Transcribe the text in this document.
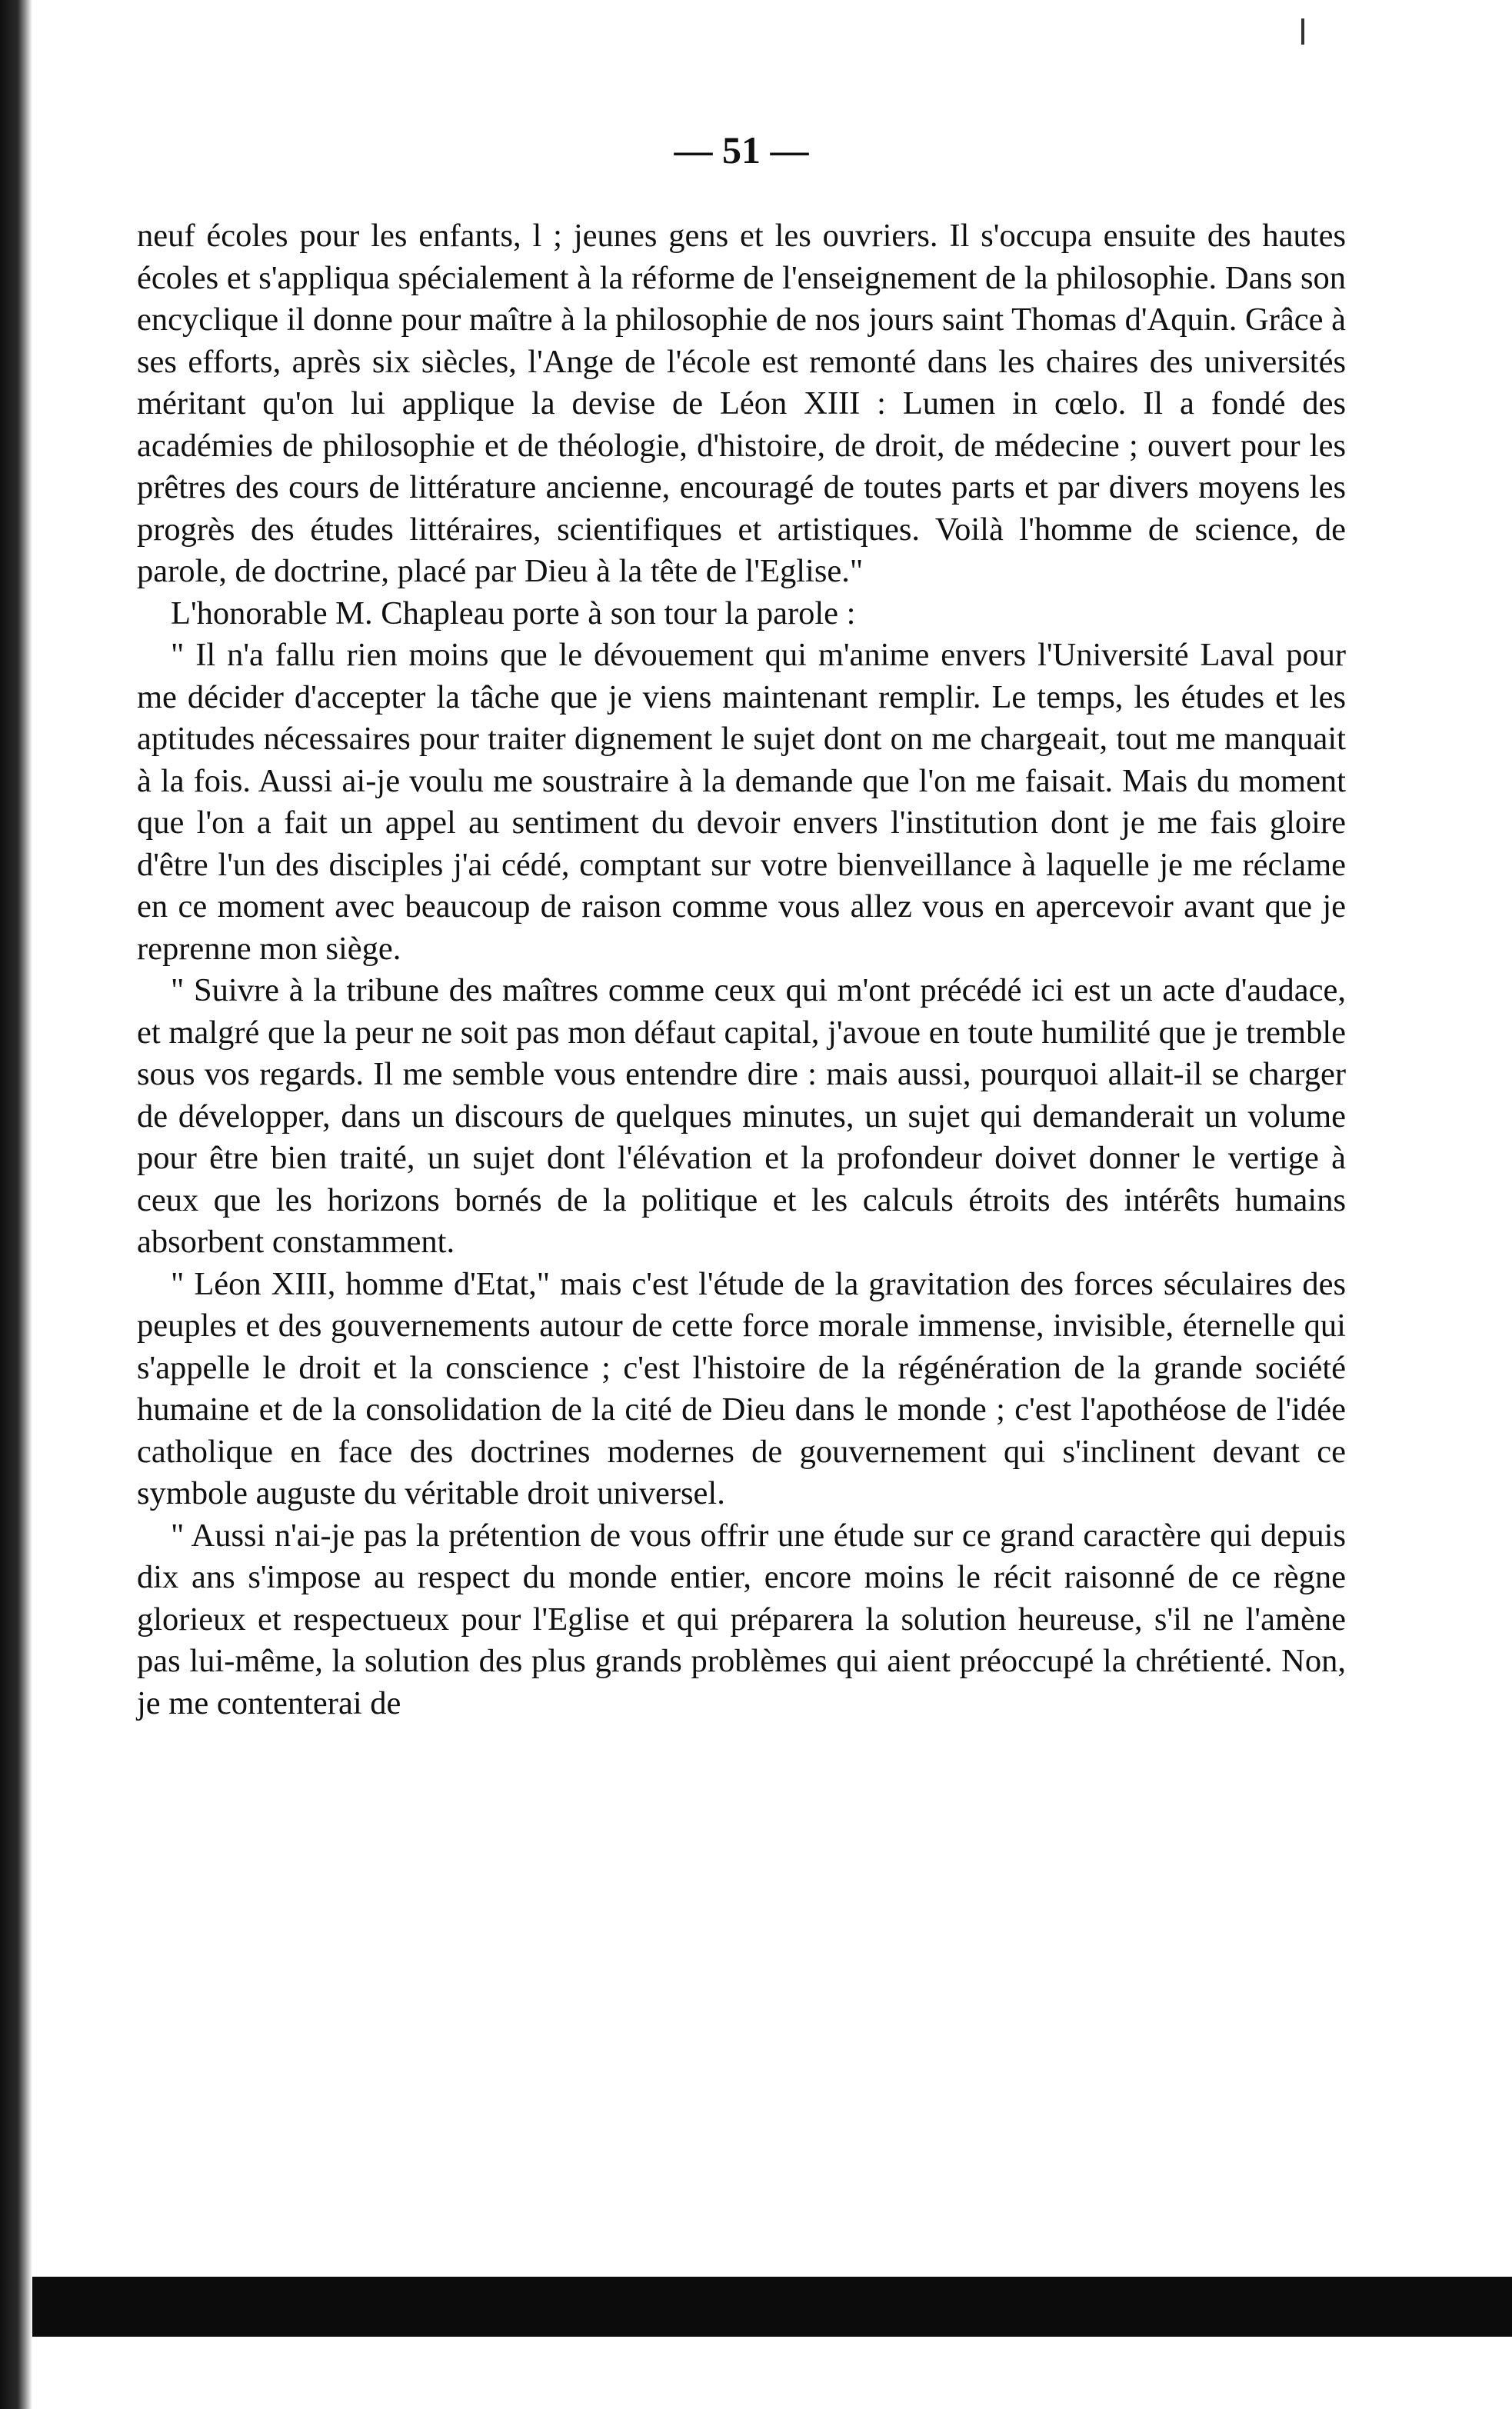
— 51 —

neuf écoles pour les enfants, l ; jeunes gens et les ouvriers. Il s'occupa ensuite des hautes écoles et s'appliqua spécialement à la réforme de l'enseignement de la philosophie. Dans son encyclique il donne pour maître à la philosophie de nos jours saint Thomas d'Aquin. Grâce à ses efforts, après six siècles, l'Ange de l'école est remonté dans les chaires des universités méritant qu'on lui applique la devise de Léon XIII : Lumen in cœlo. Il a fondé des académies de philosophie et de théologie, d'histoire, de droit, de médecine ; ouvert pour les prêtres des cours de littérature ancienne, encouragé de toutes parts et par divers moyens les progrès des études littéraires, scientifiques et artistiques. Voilà l'homme de science, de parole, de doctrine, placé par Dieu à la tête de l'Eglise."

L'honorable M. Chapleau porte à son tour la parole :

" Il n'a fallu rien moins que le dévouement qui m'anime envers l'Université Laval pour me décider d'accepter la tâche que je viens maintenant remplir. Le temps, les études et les aptitudes nécessaires pour traiter dignement le sujet dont on me chargeait, tout me manquait à la fois. Aussi ai-je voulu me soustraire à la demande que l'on me faisait. Mais du moment que l'on a fait un appel au sentiment du devoir envers l'institution dont je me fais gloire d'être l'un des disciples j'ai cédé, comptant sur votre bienveillance à laquelle je me réclame en ce moment avec beaucoup de raison comme vous allez vous en apercevoir avant que je reprenne mon siège.

" Suivre à la tribune des maîtres comme ceux qui m'ont précédé ici est un acte d'audace, et malgré que la peur ne soit pas mon défaut capital, j'avoue en toute humilité que je tremble sous vos regards. Il me semble vous entendre dire : mais aussi, pourquoi allait-il se charger de développer, dans un discours de quelques minutes, un sujet qui demanderait un volume pour être bien traité, un sujet dont l'élévation et la profondeur doivet donner le vertige à ceux que les horizons bornés de la politique et les calculs étroits des intérêts humains absorbent constamment.

" Léon XIII, homme d'Etat," mais c'est l'étude de la gravitation des forces séculaires des peuples et des gouvernements autour de cette force morale immense, invisible, éternelle qui s'appelle le droit et la conscience ; c'est l'histoire de la régénération de la grande société humaine et de la consolidation de la cité de Dieu dans le monde ; c'est l'apothéose de l'idée catholique en face des doctrines modernes de gouvernement qui s'inclinent devant ce symbole auguste du véritable droit universel.

" Aussi n'ai-je pas la prétention de vous offrir une étude sur ce grand caractère qui depuis dix ans s'impose au respect du monde entier, encore moins le récit raisonné de ce règne glorieux et respectueux pour l'Eglise et qui préparera la solution heureuse, s'il ne l'amène pas lui-même, la solution des plus grands problèmes qui aient préoccupé la chrétienté. Non, je me contenterai de
